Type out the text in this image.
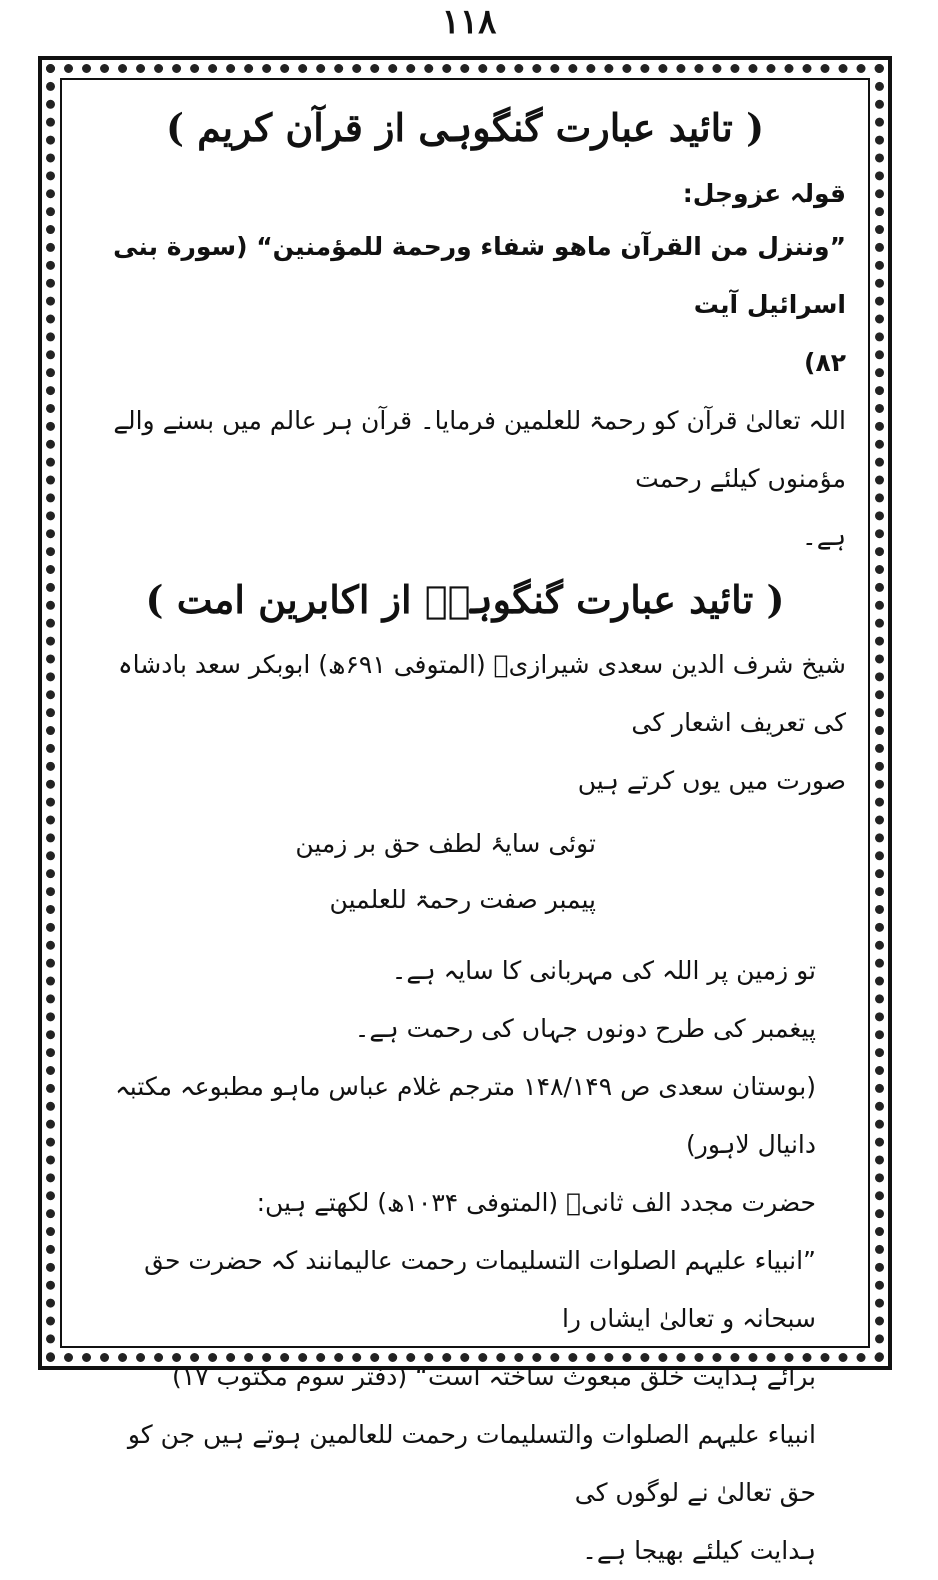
۱۱۸

( تائید عبارت گنگوہی از قرآن کریم )

قولہ عزوجل:

”وننزل من القرآن ماهو شفاء ورحمة للمؤمنين“ (سورة بنى اسرائيل آيت

۸۲)

اللہ تعالیٰ قرآن کو رحمۃ للعلمین فرمایا۔ قرآن ہر عالم میں بسنے والے مؤمنوں کیلئے رحمت

ہے۔

( تائید عبارت گنگوہیؒ از اکابرین امت )

شیخ شرف الدین سعدی شیرازیؒ (المتوفی ۶۹۱ھ) ابوبکر سعد بادشاہ کی تعریف اشعار کی

صورت میں یوں کرتے ہیں

توئی سایۂ لطف حق بر زمین

پیمبر صفت رحمۃ للعلمین

تو زمین پر اللہ کی مہربانی کا سایہ ہے۔

پیغمبر کی طرح دونوں جہاں کی رحمت ہے۔

(بوستان سعدی ص ۱۴۸/۱۴۹ مترجم غلام عباس ماہو مطبوعہ مکتبہ دانیال لاہور)

حضرت مجدد الف ثانیؒ (المتوفی ۱۰۳۴ھ) لکھتے ہیں:

”انبیاء علیہم الصلوات التسلیمات رحمت عالیمانند کہ حضرت حق سبحانہ و تعالیٰ ایشاں را

برائے ہدایت خلق مبعوث ساختہ است“ (دفتر سوم مکتوب ۱۷)

انبیاء علیہم الصلوات والتسلیمات رحمت للعالمین ہوتے ہیں جن کو حق تعالیٰ نے لوگوں کی

ہدایت کیلئے بھیجا ہے۔
